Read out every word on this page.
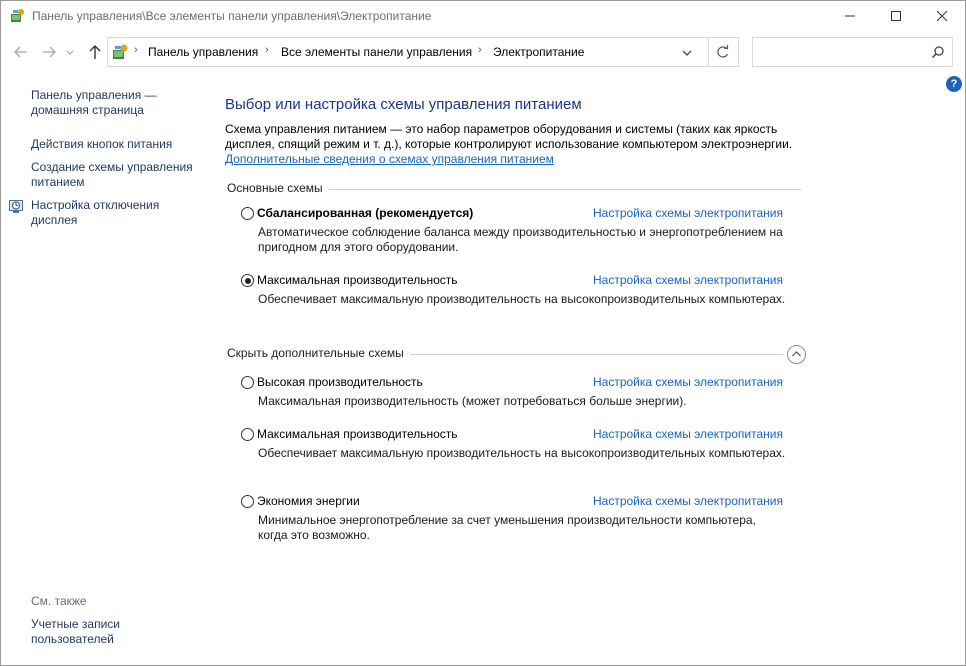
Панель управления\Все элементы панели управления\Электропитание
› Панель управления › Все элементы панели управления › Электропитание
?
Панель управления —
домашняя страница
Действия кнопок питания
Создание схемы управления
питанием
Настройка отключения
дисплея
См. также
Учетные записи
пользователей
Выбор или настройка схемы управления питанием
Схема управления питанием — это набор параметров оборудования и системы (таких как яркость дисплея, спящий режим и т. д.), которые контролируют использование компьютером электроэнергии.
Дополнительные сведения о схемах управления питанием
Основные схемы
Сбалансированная (рекомендуется)	Настройка схемы электропитания
Автоматическое соблюдение баланса между производительностью и энергопотреблением на пригодном для этого оборудовании.
Максимальная производительность	Настройка схемы электропитания
Обеспечивает максимальную производительность на высокопроизводительных компьютерах.
Скрыть дополнительные схемы
Высокая производительность	Настройка схемы электропитания
Максимальная производительность (может потребоваться больше энергии).
Максимальная производительность	Настройка схемы электропитания
Обеспечивает максимальную производительность на высокопроизводительных компьютерах.
Экономия энергии	Настройка схемы электропитания
Минимальное энергопотребление за счет уменьшения производительности компьютера, когда это возможно.
